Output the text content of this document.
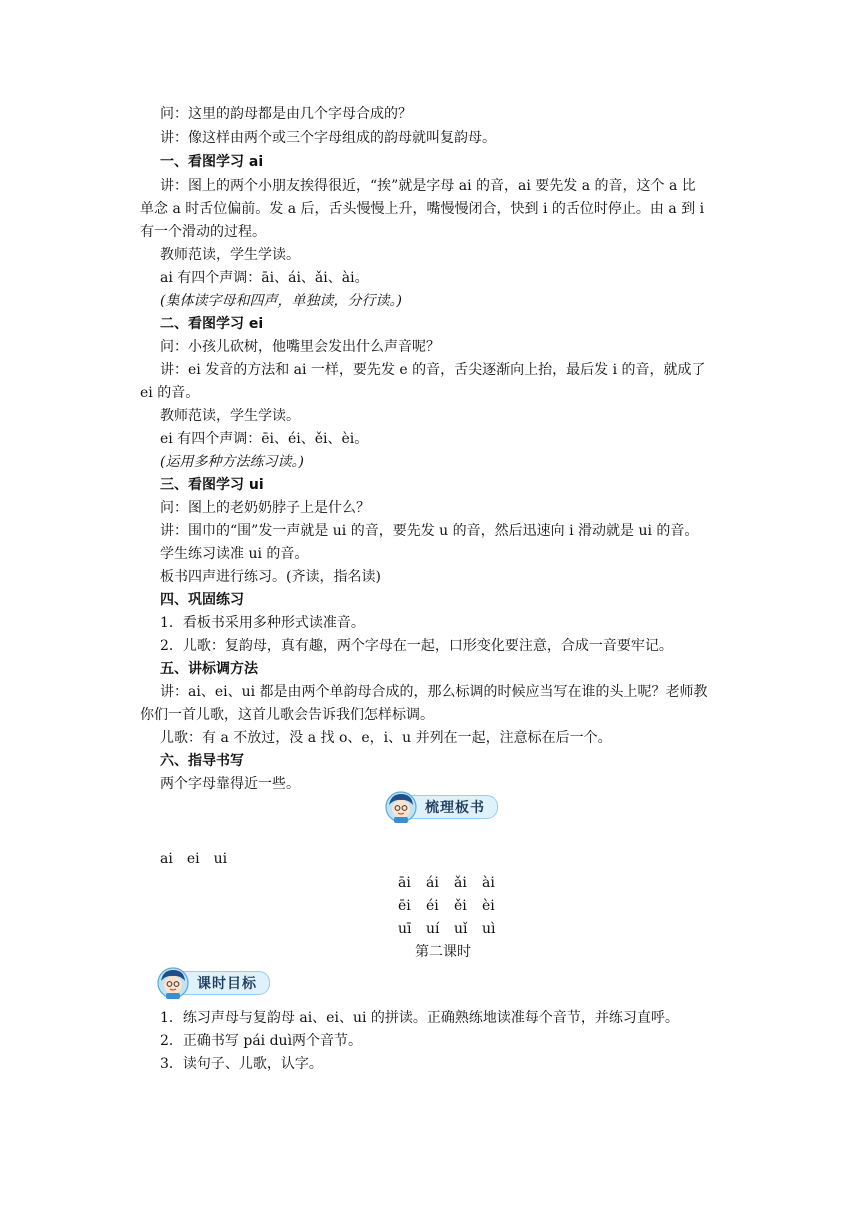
问：这里的韵母都是由几个字母合成的？
讲：像这样由两个或三个字母组成的韵母就叫复韵母。
一、看图学习 ai
讲：图上的两个小朋友挨得很近，“挨”就是字母 ai 的音，ai 要先发 a 的音，这个 a 比
单念 a 时舌位偏前。发 a 后，舌头慢慢上升，嘴慢慢闭合，快到 i 的舌位时停止。由 a 到 i
有一个滑动的过程。
教师范读，学生学读。
ai 有四个声调：āi、ái、ǎi、ài。
(集体读字母和四声，单独读，分行读。)
二、看图学习 ei
问：小孩儿砍树，他嘴里会发出什么声音呢？
讲：ei 发音的方法和 ai 一样，要先发 e 的音，舌尖逐渐向上抬，最后发 i 的音，就成了
ei 的音。
教师范读，学生学读。
ei 有四个声调：ēi、éi、ěi、èi。
(运用多种方法练习读。)
三、看图学习 ui
问：图上的老奶奶脖子上是什么？
讲：围巾的“围”发一声就是 ui 的音，要先发 u 的音，然后迅速向 i 滑动就是 ui 的音。
学生练习读准 ui 的音。
板书四声进行练习。(齐读，指名读)
四、巩固练习
1．看板书采用多种形式读准音。
2．儿歌：复韵母，真有趣，两个字母在一起，口形变化要注意，合成一音要牢记。
五、讲标调方法
讲：ai、ei、ui 都是由两个单韵母合成的，那么标调的时候应当写在谁的头上呢？老师教
你们一首儿歌，这首儿歌会告诉我们怎样标调。
儿歌：有 a 不放过，没 a 找 o、e，i、u 并列在一起，注意标在后一个。
六、指导书写
两个字母靠得近一些。
梳理板书
ai　ei　ui
āi ái ǎi ài
ēi éi ěi èi
uī uí uǐ uì
第二课时
课时目标
1．练习声母与复韵母 ai、ei、ui 的拼读。正确熟练地读准每个音节，并练习直呼。
2．正确书写 pái duì两个音节。
3．读句子、儿歌，认字。
